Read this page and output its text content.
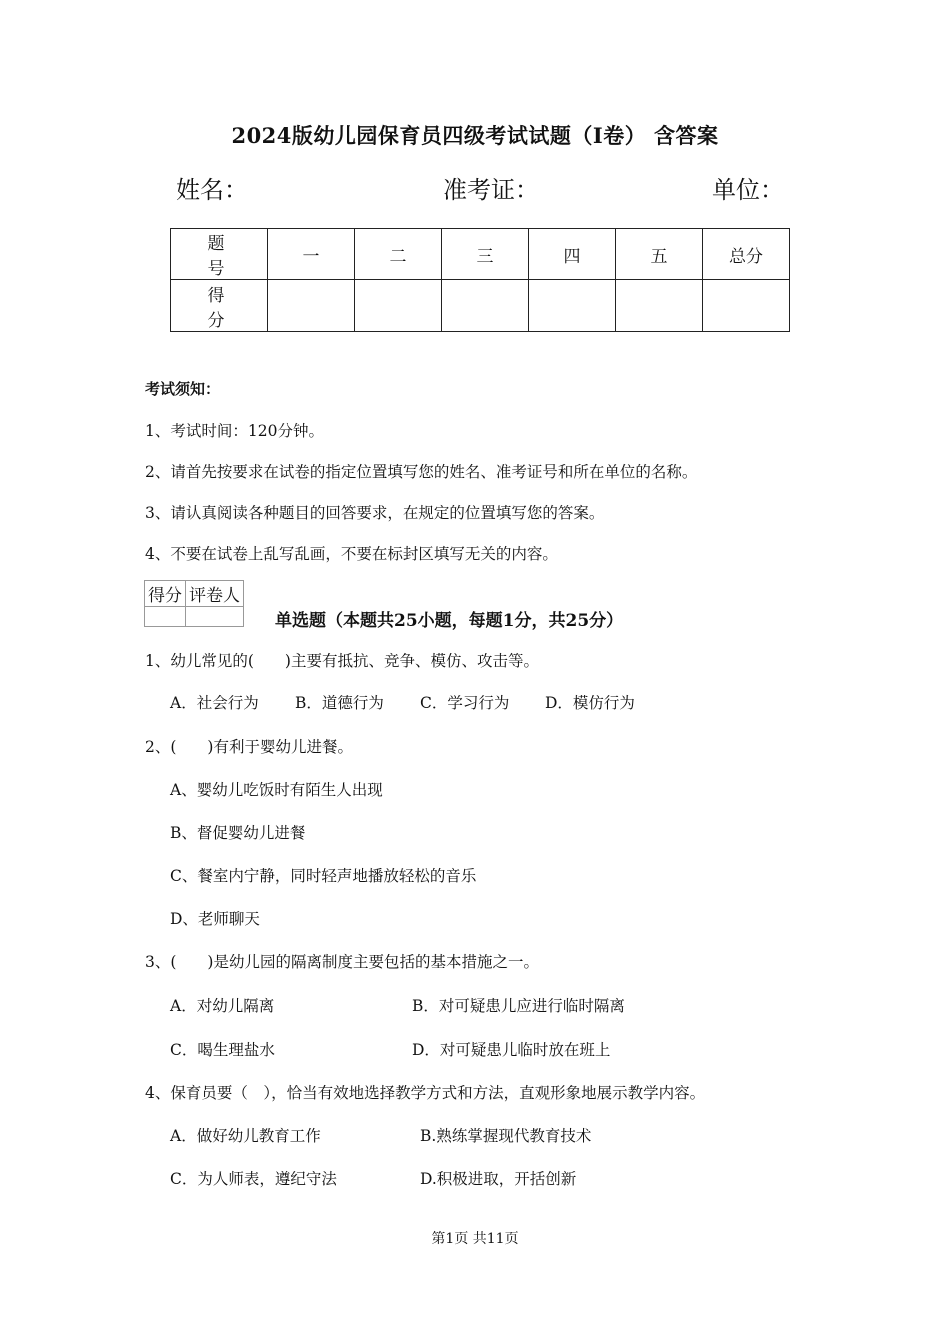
2024版幼儿园保育员四级考试试题（I卷） 含答案
姓名：	准考证：	单位：
题 号	一	二	三	四	五	总分
得 分						
考试须知：
1、考试时间：120分钟。
2、请首先按要求在试卷的指定位置填写您的姓名、准考证号和所在单位的名称。
3、请认真阅读各种题目的回答要求，在规定的位置填写您的答案。
4、不要在试卷上乱写乱画，不要在标封区填写无关的内容。
得分	评卷人

单选题（本题共25小题，每题1分，共25分）
1、幼儿常见的(　　)主要有抵抗、竞争、模仿、攻击等。
A．社会行为 B．道德行为 C．学习行为 D．模仿行为
2、(　　)有利于婴幼儿进餐。
A、婴幼儿吃饭时有陌生人出现
B、督促婴幼儿进餐
C、餐室内宁静，同时轻声地播放轻松的音乐
D、老师聊天
3、(　　)是幼儿园的隔离制度主要包括的基本措施之一。
A．对幼儿隔离	B．对可疑患儿应进行临时隔离
C．喝生理盐水	D．对可疑患儿临时放在班上
4、保育员要（　），恰当有效地选择教学方式和方法，直观形象地展示教学内容。
A．做好幼儿教育工作	B.熟练掌握现代教育技术
C．为人师表，遵纪守法	D.积极进取，开括创新
第1页 共11页
